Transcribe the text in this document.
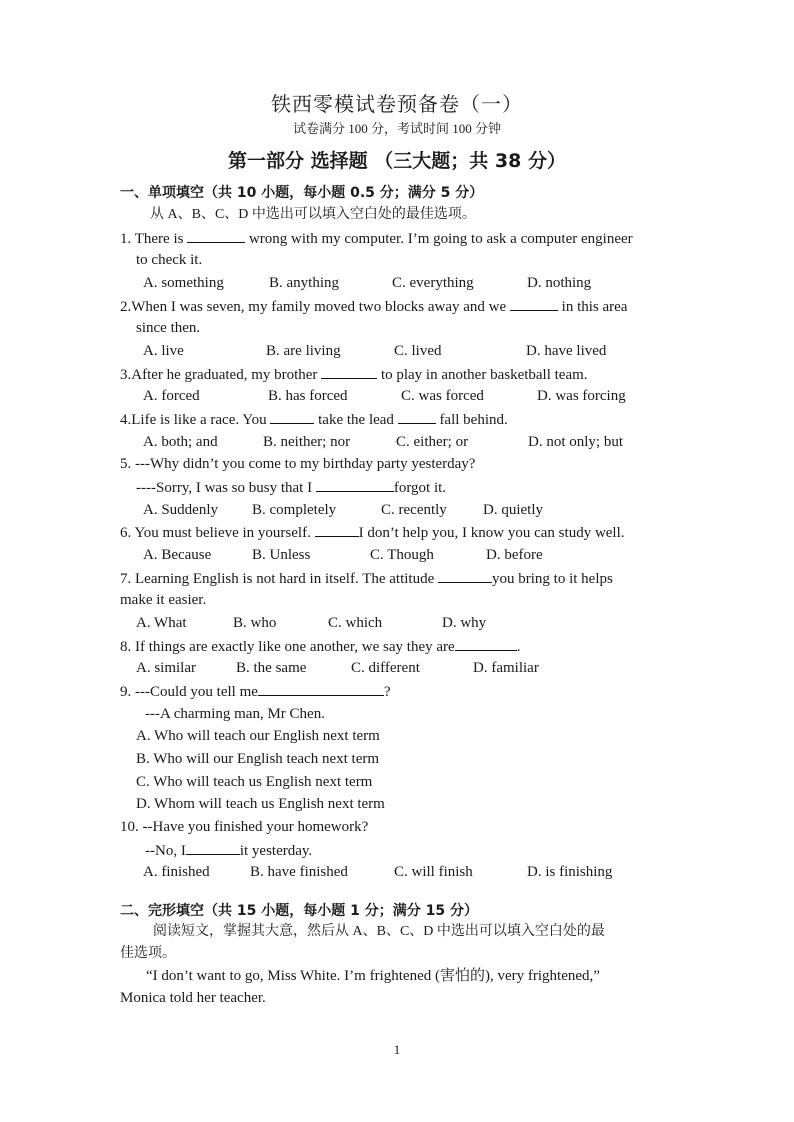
铁西零模试卷预备卷（一）
试卷满分 100 分，考试时间 100 分钟
第一部分 选择题 （三大题；共 38 分）
一、单项填空（共 10 小题，每小题 0.5 分；满分 5 分）
从 A、B、C、D 中选出可以填入空白处的最佳选项。
1. There is	wrong with my computer. I’m going to ask a computer engineer
to check it.
A. something	B. anything	C. everything	D. nothing
2.When I was seven, my family moved two blocks away and we	in this area
since then.
A. live	B. are living	C. lived	D. have lived
3.After he graduated, my brother	to play in another basketball team.
A. forced	B. has forced	C. was forced	D. was forcing
4.Life is like a race. You	take the lead	fall behind.
A. both; and	B. neither; nor	C. either; or	D. not only; but
5. ---Why didn’t you come to my birthday party yesterday?
----Sorry, I was so busy that I	forgot it.
A. Suddenly B. completely	C. recently D. quietly
6. You must believe in yourself.	I don’t help you, I know you can study well.
A. Because	B. Unless	C. Though	D. before
7. Learning English is not hard in itself. The attitude	you bring to it helps
make it easier.
A. What	B. who	C. which	D. why
8. If things are exactly like one another, we say they are	.
A. similar	B. the same	C. different	D. familiar
9. ---Could you tell me	?
---A charming man, Mr Chen.
A. Who will teach our English next term
B. Who will our English teach next term
C. Who will teach us English next term
D. Whom will teach us English next term
10. --Have you finished your homework?
--No, I	it yesterday.
A. finished	B. have finished	C. will finish	D. is finishing
二、完形填空（共 15 小题，每小题 1 分；满分 15 分）
阅读短文，掌握其大意，然后从 A、B、C、D 中选出可以填入空白处的最
佳选项。
“I don’t want to go, Miss White. I’m frightened (害怕的), very frightened,”
Monica told her teacher.
1
